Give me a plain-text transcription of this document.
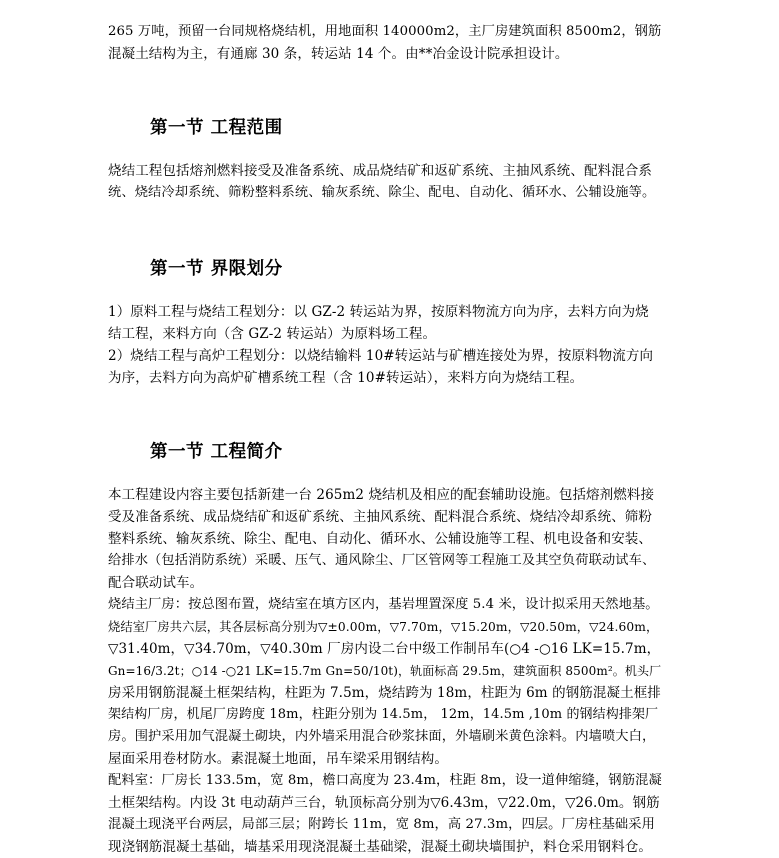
265 万吨，预留一台同规格烧结机，用地面积 140000m2，主厂房建筑面积 8500m2，钢筋
混凝土结构为主，有通廊 30 条，转运站 14 个。由**冶金设计院承担设计。
第一节 工程范围
烧结工程包括熔剂燃料接受及准备系统、成品烧结矿和返矿系统、主抽风系统、配料混合系
统、烧结冷却系统、筛粉整料系统、输灰系统、除尘、配电、自动化、循环水、公辅设施等。
第一节 界限划分
1）原料工程与烧结工程划分：以 GZ-2 转运站为界，按原料物流方向为序，去料方向为烧
结工程，来料方向（含 GZ-2 转运站）为原料场工程。
2）烧结工程与高炉工程划分：以烧结输料 10#转运站与矿槽连接处为界，按原料物流方向
为序，去料方向为高炉矿槽系统工程（含 10#转运站），来料方向为烧结工程。
第一节 工程简介
本工程建设内容主要包括新建一台 265m2 烧结机及相应的配套辅助设施。包括熔剂燃料接
受及准备系统、成品烧结矿和返矿系统、主抽风系统、配料混合系统、烧结冷却系统、筛粉
整料系统、输灰系统、除尘、配电、自动化、循环水、公辅设施等工程、机电设备和安装、
给排水（包括消防系统）采暖、压气、通风除尘、厂区管网等工程施工及其空负荷联动试车、
配合联动试车。
烧结主厂房：按总图布置，烧结室在填方区内，基岩埋置深度 5.4 米，设计拟采用天然地基。
烧结室厂房共六层，其各层标高分别为▽±0.00m，▽7.70m，▽15.20m，▽20.50m，▽24.60m，
▽31.40m，▽34.70m，▽40.30m 厂房内设二台中级工作制吊车(○4 -○16 LK=15.7m，
Gn=16/3.2t；○14 -○21 LK=15.7m Gn=50/10t)，轨面标高 29.5m，建筑面积 8500m²。机头厂
房采用钢筋混凝土框架结构，柱距为 7.5m，烧结跨为 18m，柱距为 6m 的钢筋混凝土框排
架结构厂房，机尾厂房跨度 18m，柱距分别为 14.5m， 12m，14.5m ,10m 的钢结构排架厂
房。围护采用加气混凝土砌块，内外墙采用混合砂浆抹面，外墙刷米黄色涂料。内墙喷大白，
屋面采用卷材防水。素混凝土地面，吊车梁采用钢结构。
配料室：厂房长 133.5m，宽 8m，檐口高度为 23.4m，柱距 8m，设一道伸缩缝，钢筋混凝
土框架结构。内设 3t 电动葫芦三台，轨顶标高分别为▽6.43m，▽22.0m，▽26.0m。钢筋
混凝土现浇平台两层，局部三层；附跨长 11m，宽 8m，高 27.3m，四层。厂房柱基础采用
现浇钢筋混凝土基础，墙基采用现浇混凝土基础梁，混凝土砌块墙围护，料仓采用钢料仓。
